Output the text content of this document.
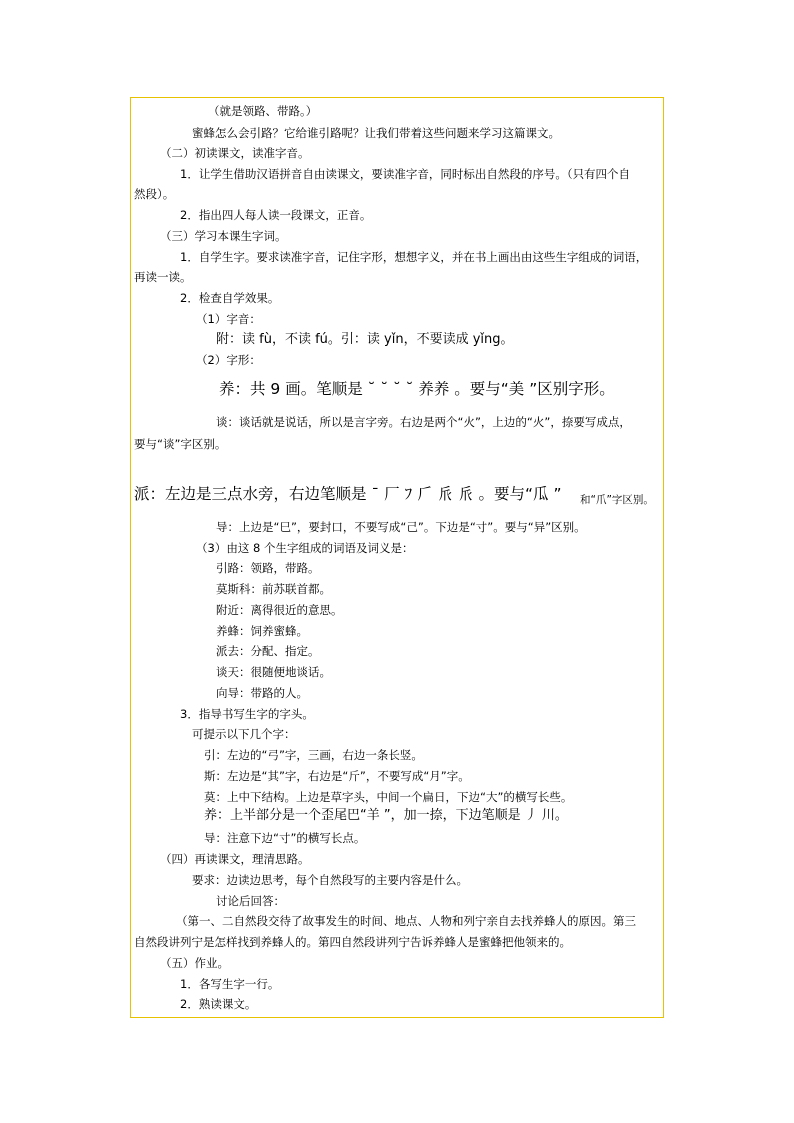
（就是领路、带路。）
蜜蜂怎么会引路？它给谁引路呢？让我们带着这些问题来学习这篇课文。
（二）初读课文，读准字音。
1．让学生借助汉语拼音自由读课文，要读准字音，同时标出自然段的序号。（只有四个自
然段）。
2．指出四人每人读一段课文，正音。
（三）学习本课生字词。
1．自学生字。要求读准字音，记住字形，想想字义，并在书上画出由这些生字组成的词语，
再读一读。
2．检查自学效果。
（1）字音：
附：读 fù，不读 fú。引：读 yǐn，不要读成 yǐng。
（2）字形：
养：共 9 画。笔顺是 ˘ ˘ ˘ ˘ 养养 。要与“美 ”区别字形。
谈：谈话就是说话，所以是言字旁。右边是两个“火”，上边的“火”，捺要写成点，
要与“谈”字区别。
派：左边是三点水旁，右边笔顺是 ˉ 厂 ﾌ 𠂆 𠂢 𠂢 。要与“瓜 ” 和“爪”字区别。
导：上边是“巳”，要封口，不要写成“己”。下边是“寸”。要与“异”区别。
（3）由这 8 个生字组成的词语及词义是：
引路：领路，带路。
莫斯科：前苏联首都。
附近：离得很近的意思。
养蜂：饲养蜜蜂。
派去：分配、指定。
谈天：很随便地谈话。
向导：带路的人。
3．指导书写生字的字头。
可提示以下几个字：
引：左边的“弓”字，三画，右边一条长竖。
斯：左边是“其”字，右边是“斤”，不要写成“月”字。
莫：上中下结构。上边是草字头，中间一个扁日，下边“大”的横写长些。
养：上半部分是一个歪尾巴“羊 ”，加一捺，下边笔顺是 丿 川。
导：注意下边“寸”的横写长点。
（四）再读课文，理清思路。
要求：边读边思考，每个自然段写的主要内容是什么。
讨论后回答：
（第一、二自然段交待了故事发生的时间、地点、人物和列宁亲自去找养蜂人的原因。第三
自然段讲列宁是怎样找到养蜂人的。第四自然段讲列宁告诉养蜂人是蜜蜂把他领来的。
（五）作业。
1．各写生字一行。
2．熟读课文。
